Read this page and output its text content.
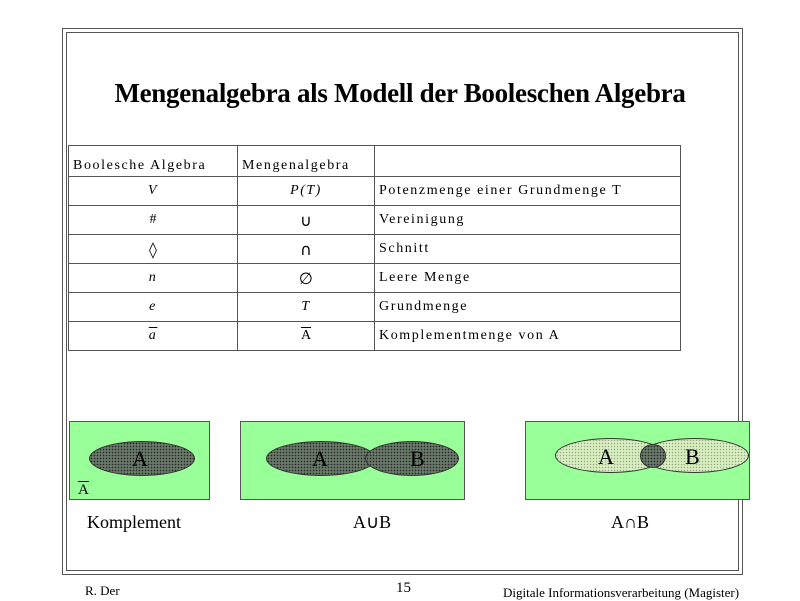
Mengenalgebra als Modell der Booleschen Algebra
Boolesche Algebra	Mengenalgebra	
V	P(T)	Potenzmenge einer Grundmenge T
#	∪	Vereinigung
◊	∩	Schnitt
n	∅	Leere Menge
e	T	Grundmenge
$\overline{a}$	$\overline{A}$	Komplementmenge von A
A
$\overline{A}$
Komplement
A	B
A∪B
A	B
A∩B
R. Der	15	Digitale Informationsverarbeitung (Magister)
